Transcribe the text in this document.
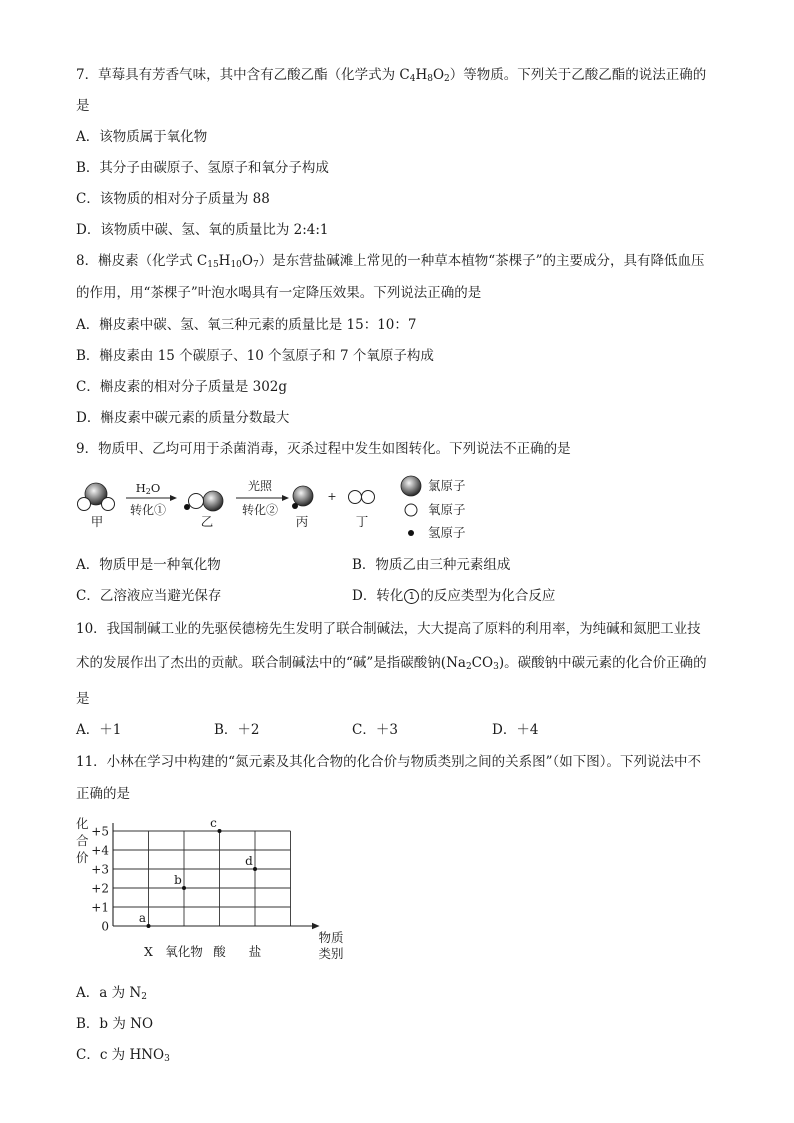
7．草莓具有芳香气味，其中含有乙酸乙酯（化学式为 $C_4H_8O_2$）等物质。下列关于乙酸乙酯的说法正确的
是
A．该物质属于氧化物
B．其分子由碳原子、氢原子和氧分子构成
C．该物质的相对分子质量为 88
D．该物质中碳、氢、氧的质量比为 2:4:1
8．槲皮素（化学式 $C_{15}H_{10}O_7$）是东营盐碱滩上常见的一种草本植物“茶棵子”的主要成分，具有降低血压
的作用，用“茶棵子”叶泡水喝具有一定降压效果。下列说法正确的是
A．槲皮素中碳、氢、氧三种元素的质量比是 15：10：7
B．槲皮素由 15 个碳原子、10 个氢原子和 7 个氧原子构成
C．槲皮素的相对分子质量是 302g
D．槲皮素中碳元素的质量分数最大
9．物质甲、乙均可用于杀菌消毒，灭杀过程中发生如图转化。下列说法不正确的是
H2O
转化①
光照
转化②
+
甲	乙	丙	丁
氯原子
氧原子
氢原子
A．物质甲是一种氧化物	B．物质乙由三种元素组成
C．乙溶液应当避光保存	D．转化 1 的反应类型为化合反应
10．我国制碱工业的先驱侯德榜先生发明了联合制碱法，大大提高了原料的利用率，为纯碱和氮肥工业技
术的发展作出了杰出的贡献。联合制碱法中的“碱”是指碳酸钠$(Na_2CO_3)$。碳酸钠中碳元素的化合价正确的
是
A．＋1	B．＋2	C．＋3	D．＋4
11．小林在学习中构建的“氮元素及其化合物的化合价与物质类别之间的关系图”（如下图）。下列说法中不
正确的是
+5
+4
+3
+2
+1
0
X 氧化物 酸 盐
a
b
c
d
化
合
价
物质
类别
A．a 为 $N_2$
B．b 为 NO
C．c 为 $HNO_3$
